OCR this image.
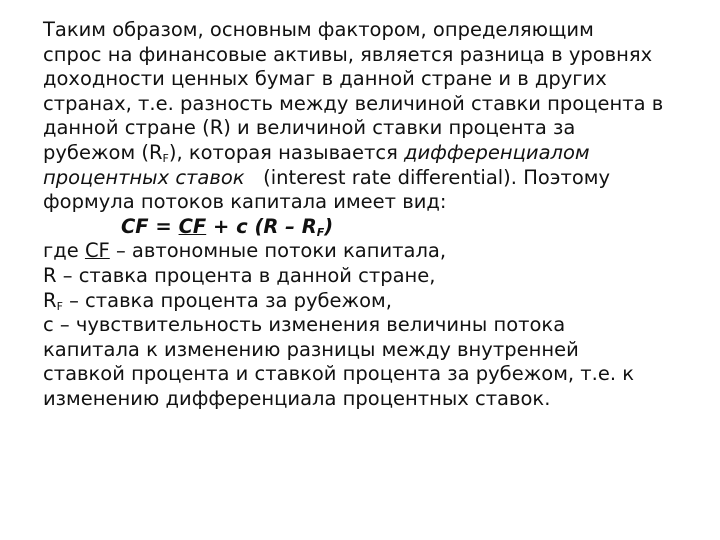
Таким образом, основным фактором, определяющим
спрос на финансовые активы, является разница в уровнях
доходности ценных бумаг в данной стране и в других
странах, т.е. разность между величиной ставки процента в
данной стране (R) и величиной ставки процента за
рубежом $(R_F)$, которая называется дифференциалом
процентных ставок   (interest rate differential). Поэтому
формула потоков капитала имеет вид:
CF = CF + c $(R - R_F)$
где CF – автономные потоки капитала,
R – ставка процента в данной стране,
$R_F$ – ставка процента за рубежом,
c – чувствительность изменения величины потока
капитала к изменению разницы между внутренней
ставкой процента и ставкой процента за рубежом, т.е. к
изменению дифференциала процентных ставок.
